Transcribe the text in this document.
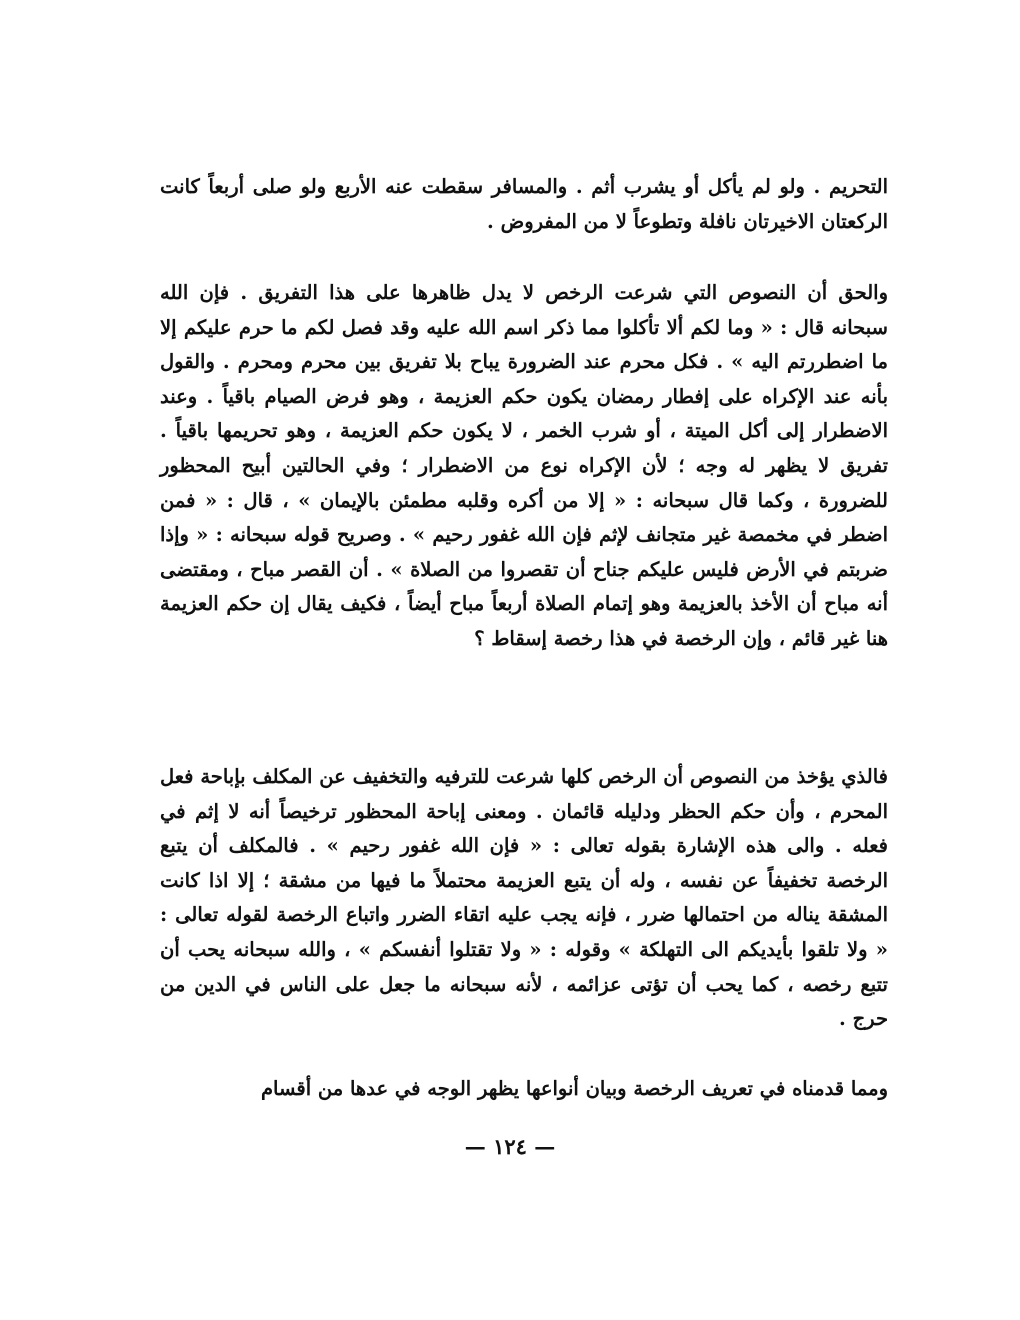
التحريم . ولو لم يأكل أو يشرب أثم . والمسافر سقطت عنه الأربع ولو صلى أربعاً كانت الركعتان الاخيرتان نافلة وتطوعاً لا من المفروض .
والحق أن النصوص التي شرعت الرخص لا يدل ظاهرها على هذا التفريق . فإن الله سبحانه قال : « وما لكم ألا تأكلوا مما ذكر اسم الله عليه وقد فصل لكم ما حرم عليكم إلا ما اضطررتم اليه » . فكل محرم عند الضرورة يباح بلا تفريق بين محرم ومحرم . والقول بأنه عند الإكراه على إفطار رمضان يكون حكم العزيمة ، وهو فرض الصيام باقياً . وعند الاضطرار إلى أكل الميتة ، أو شرب الخمر ، لا يكون حكم العزيمة ، وهو تحريمها باقياً . تفريق لا يظهر له وجه ؛ لأن الإكراه نوع من الاضطرار ؛ وفي الحالتين أبيح المحظور للضرورة ، وكما قال سبحانه : « إلا من أكره وقلبه مطمئن بالإيمان » ، قال : « فمن اضطر في مخمصة غير متجانف لإثم فإن الله غفور رحيم » . وصريح قوله سبحانه : « وإذا ضربتم في الأرض فليس عليكم جناح أن تقصروا من الصلاة » . أن القصر مباح ، ومقتضى أنه مباح أن الأخذ بالعزيمة وهو إتمام الصلاة أربعاً مباح أيضاً ، فكيف يقال إن حكم العزيمة هنا غير قائم ، وإن الرخصة في هذا رخصة إسقاط ؟
فالذي يؤخذ من النصوص أن الرخص كلها شرعت للترفيه والتخفيف عن المكلف بإباحة فعل المحرم ، وأن حكم الحظر ودليله قائمان . ومعنى إباحة المحظور ترخيصاً أنه لا إثم في فعله . والى هذه الإشارة بقوله تعالى : « فإن الله غفور رحيم » . فالمكلف أن يتبع الرخصة تخفيفاً عن نفسه ، وله أن يتبع العزيمة محتملاً ما فيها من مشقة ؛ إلا اذا كانت المشقة يناله من احتمالها ضرر ، فإنه يجب عليه اتقاء الضرر واتباع الرخصة لقوله تعالى : « ولا تلقوا بأيديكم الى التهلكة » وقوله : « ولا تقتلوا أنفسكم » ، والله سبحانه يحب أن تتبع رخصه ، كما يحب أن تؤتى عزائمه ، لأنه سبحانه ما جعل على الناس في الدين من حرج .
ومما قدمناه في تعريف الرخصة وبيان أنواعها يظهر الوجه في عدها من أقسام
— ١٢٤ —
